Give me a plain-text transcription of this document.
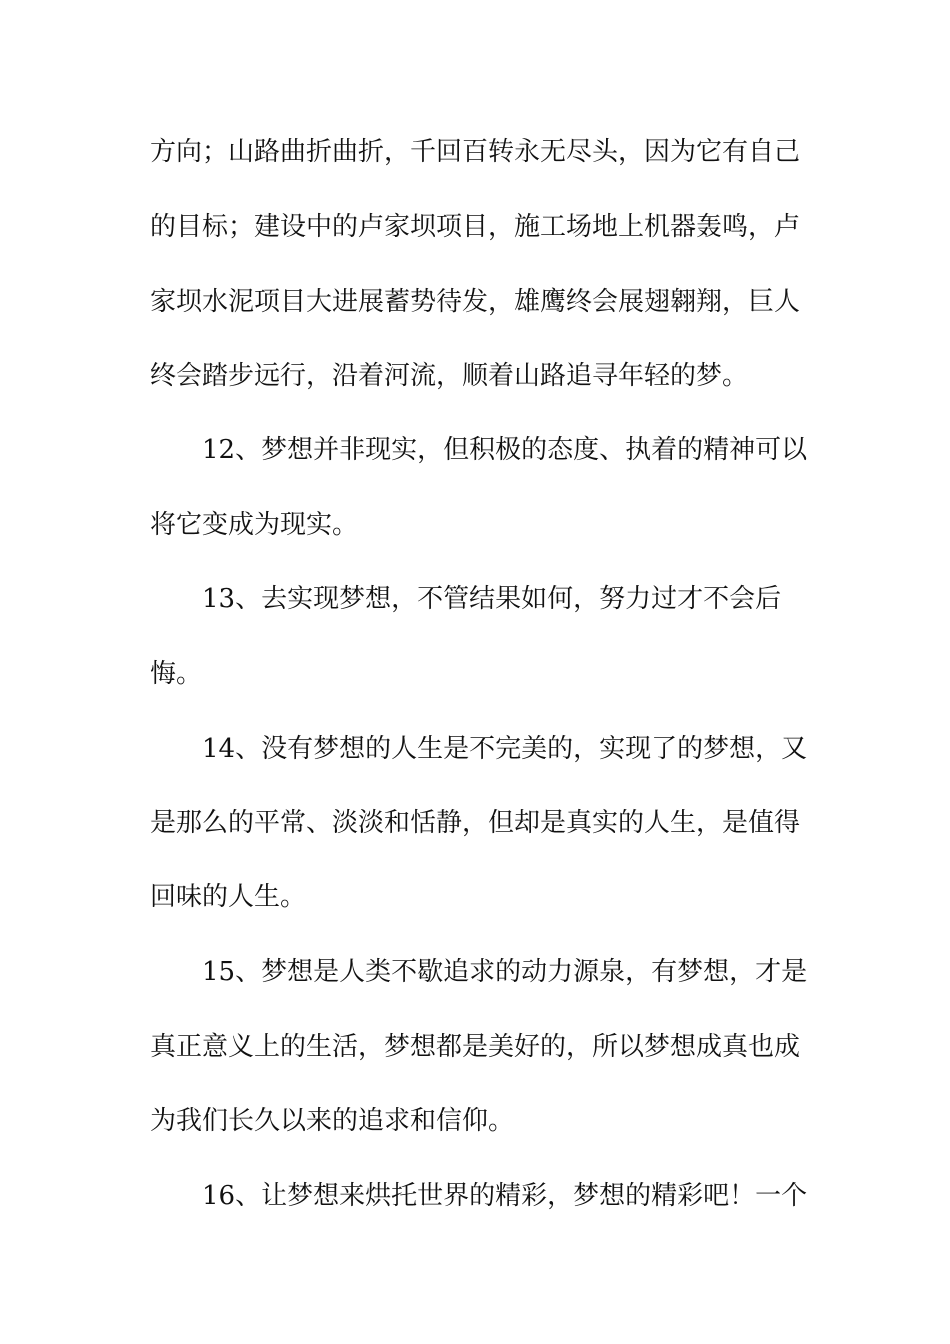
方向；山路曲折曲折，千回百转永无尽头，因为它有自己
的目标；建设中的卢家坝项目，施工场地上机器轰鸣，卢
家坝水泥项目大进展蓄势待发，雄鹰终会展翅翱翔，巨人
终会踏步远行，沿着河流，顺着山路追寻年轻的梦。
12、梦想并非现实，但积极的态度、执着的精神可以
将它变成为现实。
13、去实现梦想，不管结果如何，努力过才不会后
悔。
14、没有梦想的人生是不完美的，实现了的梦想，又
是那么的平常、淡淡和恬静，但却是真实的人生，是值得
回味的人生。
15、梦想是人类不歇追求的动力源泉，有梦想，才是
真正意义上的生活，梦想都是美好的，所以梦想成真也成
为我们长久以来的追求和信仰。
16、让梦想来烘托世界的精彩，梦想的精彩吧！一个
